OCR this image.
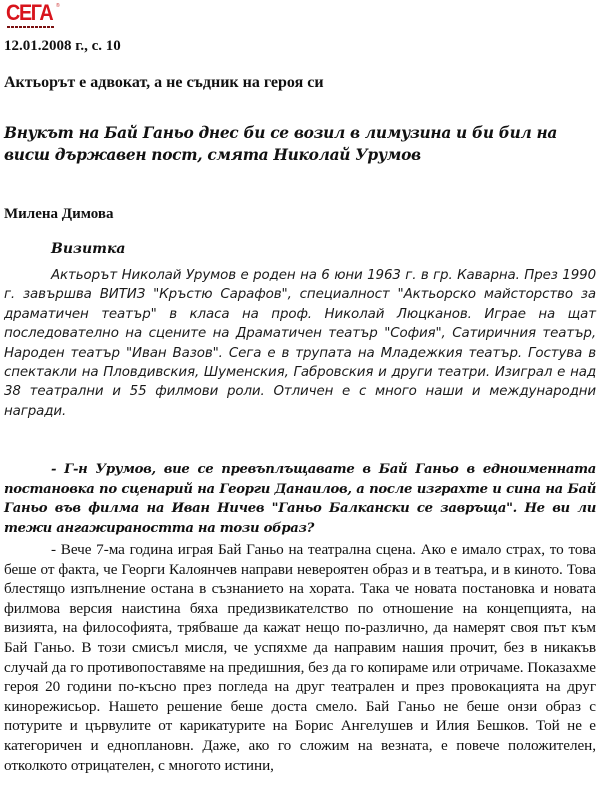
СЕГА ®
12.01.2008 г., с. 10
Актьорът е адвокат, а не съдник на героя си
Внукът на Бай Ганьо днес би се возил в лимузина и би бил на висш държавен пост, смята Николай Урумов
Милена Димова
Визитка

Актьорът Николай Урумов е роден на 6 юни 1963 г. в гр. Каварна. През 1990 г. завършва ВИТИЗ "Кръстю Сарафов", специалност "Актьорско майсторство за драматичен театър" в класа на проф. Николай Люцканов. Играе на щат последователно на сцените на Драматичен театър "София", Сатиричния театър, Народен театър "Иван Вазов". Сега е в трупата на Младежкия театър. Гостува в спектакли на Пловдивския, Шуменския, Габровския и други театри. Изиграл е над 38 театрални и 55 филмови роли. Отличен е с много наши и международни награди.

- Г-н Урумов, вие се превъплъщавате в Бай Ганьо в едноименната постановка по сценарий на Георги Данаилов, а после изграхте и сина на Бай Ганьо във филма на Иван Ничев "Ганьо Балкански се завръща". Не ви ли тежи ангажираността на този образ?

- Вече 7-ма година играя Бай Ганьо на театрална сцена. Ако е имало страх, то това беше от факта, че Георги Калоянчев направи невероятен образ и в театъра, и в киното. Това блестящо изпълнение остана в съзнанието на хората. Така че новата постановка и новата филмова версия наистина бяха предизвикателство по отношение на концепцията, на визията, на философията, трябваше да кажат нещо по-различно, да намерят своя път към Бай Ганьо. В този смисъл мисля, че успяхме да направим нашия прочит, без в никакъв случай да го противопоставяме на предишния, без да го копираме или отричаме. Показахме героя 20 години по-късно през погледа на друг театрален и през провокацията на друг кинорежисьор. Нашето решение беше доста смело. Бай Ганьо не беше онзи образ с потурите и цървулите от карикатурите на Борис Ангелушев и Илия Бешков. Той не е категоричен и едноплановн. Даже, ако го сложим на везната, е повече положителен, отколкото отрицателен, с многото истини,
